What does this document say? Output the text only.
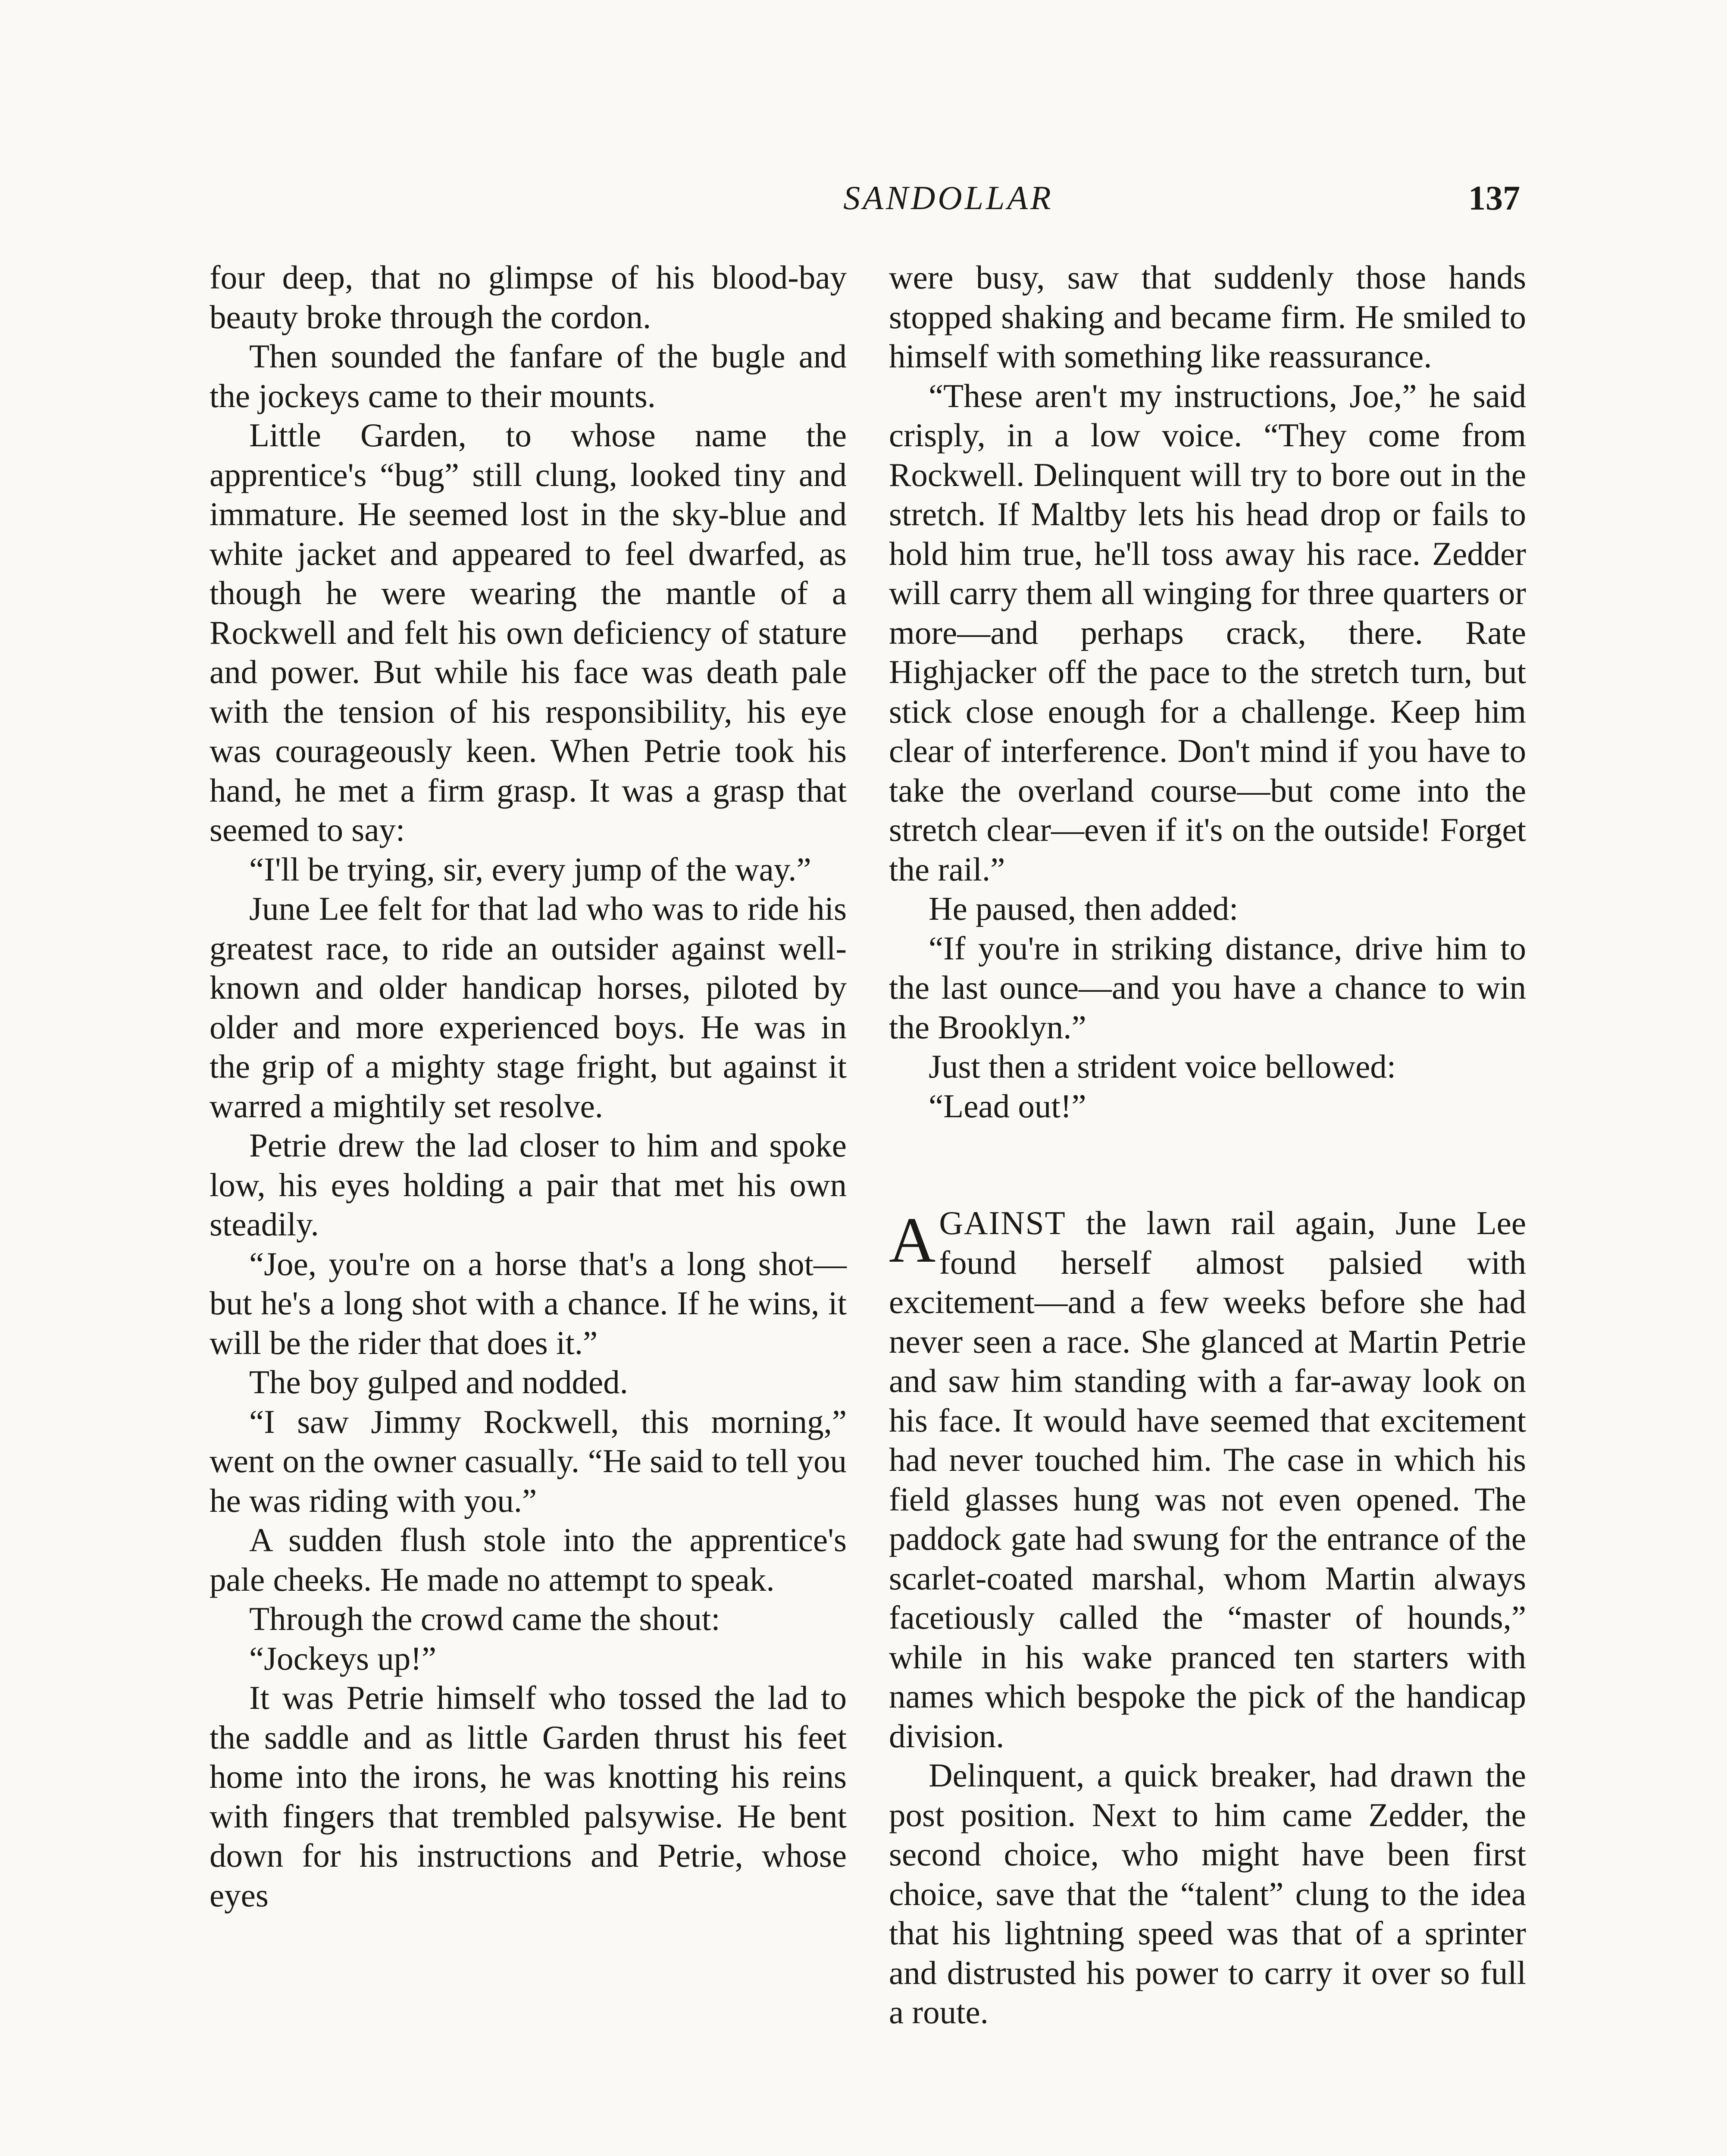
SANDOLLAR	137

four deep, that no glimpse of his blood-bay beauty broke through the cordon.

Then sounded the fanfare of the bugle and the jockeys came to their mounts.

Little Garden, to whose name the apprentice's “bug” still clung, looked tiny and immature. He seemed lost in the sky-blue and white jacket and appeared to feel dwarfed, as though he were wearing the mantle of a Rockwell and felt his own deficiency of stature and power. But while his face was death pale with the tension of his responsibility, his eye was courageously keen. When Petrie took his hand, he met a firm grasp. It was a grasp that seemed to say:

“I'll be trying, sir, every jump of the way.”

June Lee felt for that lad who was to ride his greatest race, to ride an outsider against well-known and older handicap horses, piloted by older and more experienced boys. He was in the grip of a mighty stage fright, but against it warred a mightily set resolve.

Petrie drew the lad closer to him and spoke low, his eyes holding a pair that met his own steadily.

“Joe, you're on a horse that's a long shot—but he's a long shot with a chance. If he wins, it will be the rider that does it.”

The boy gulped and nodded.

“I saw Jimmy Rockwell, this morning,” went on the owner casually. “He said to tell you he was riding with you.”

A sudden flush stole into the apprentice's pale cheeks. He made no attempt to speak.

Through the crowd came the shout:

“Jockeys up!”

It was Petrie himself who tossed the lad to the saddle and as little Garden thrust his feet home into the irons, he was knotting his reins with fingers that trembled palsywise. He bent down for his instructions and Petrie, whose eyes

were busy, saw that suddenly those hands stopped shaking and became firm. He smiled to himself with something like reassurance.

“These aren't my instructions, Joe,” he said crisply, in a low voice. “They come from Rockwell. Delinquent will try to bore out in the stretch. If Maltby lets his head drop or fails to hold him true, he'll toss away his race. Zedder will carry them all winging for three quarters or more—and perhaps crack, there. Rate Highjacker off the pace to the stretch turn, but stick close enough for a challenge. Keep him clear of interference. Don't mind if you have to take the overland course—but come into the stretch clear—even if it's on the outside! Forget the rail.”

He paused, then added:

“If you're in striking distance, drive him to the last ounce—and you have a chance to win the Brooklyn.”

Just then a strident voice bellowed:

“Lead out!”

AGAINST the lawn rail again, June Lee found herself almost palsied with excitement—and a few weeks before she had never seen a race. She glanced at Martin Petrie and saw him standing with a far-away look on his face. It would have seemed that excitement had never touched him. The case in which his field glasses hung was not even opened. The paddock gate had swung for the entrance of the scarlet-coated marshal, whom Martin always facetiously called the “master of hounds,” while in his wake pranced ten starters with names which bespoke the pick of the handicap division.

Delinquent, a quick breaker, had drawn the post position. Next to him came Zedder, the second choice, who might have been first choice, save that the “talent” clung to the idea that his lightning speed was that of a sprinter and distrusted his power to carry it over so full a route.
